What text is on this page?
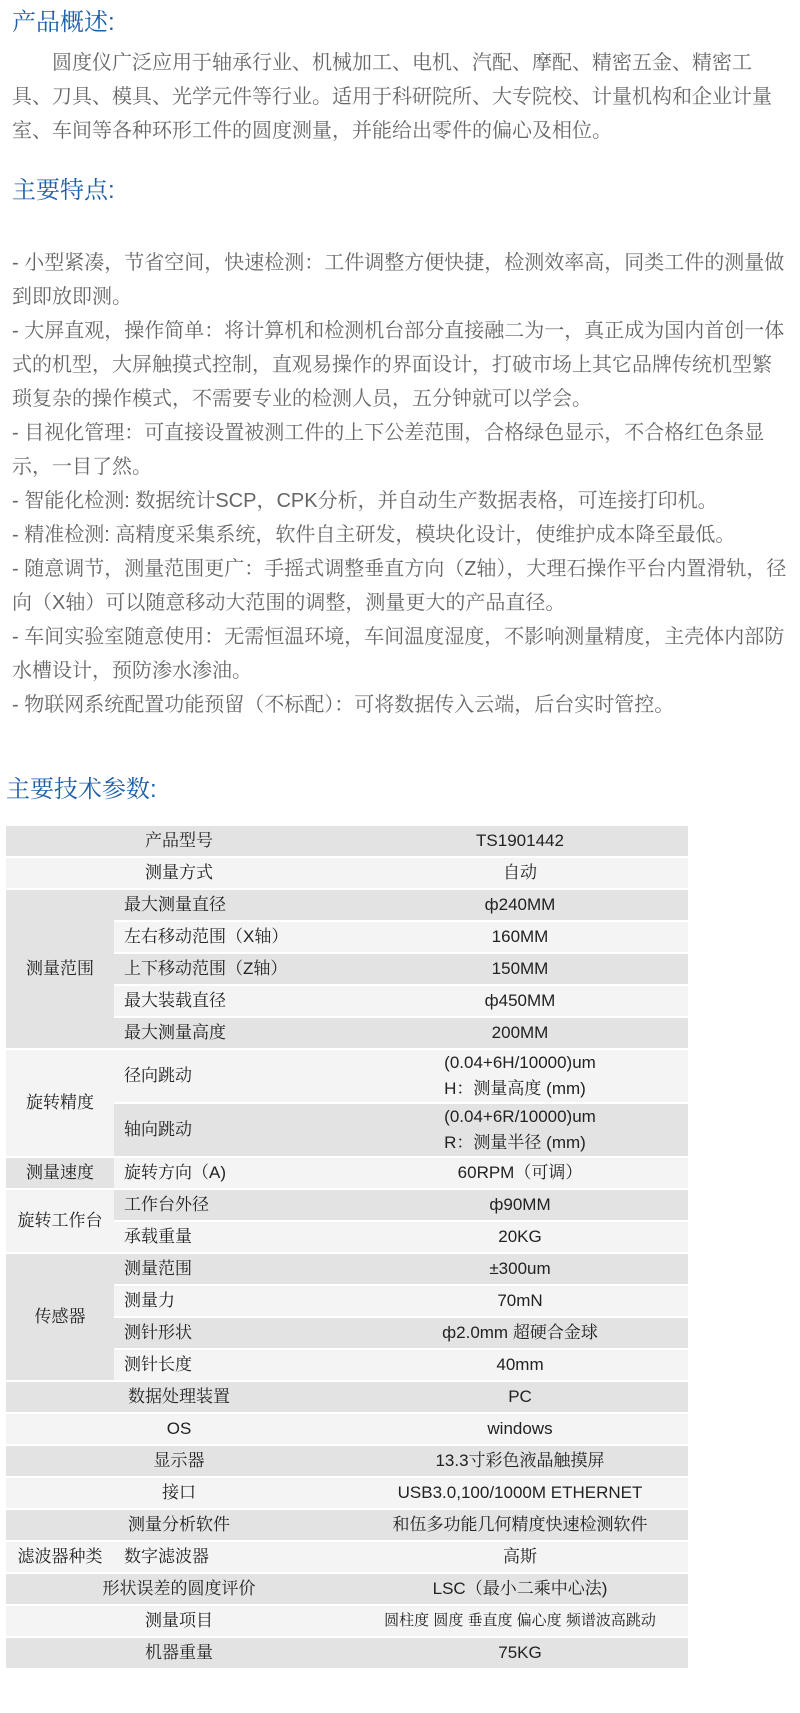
产品概述:

圆度仪广泛应用于轴承行业、机械加工、电机、汽配、摩配、精密五金、精密工具、刀具、模具、光学元件等行业。适用于科研院所、大专院校、计量机构和企业计量室、车间等各种环形工件的圆度测量，并能给出零件的偏心及相位。

主要特点:
- 小型紧凑，节省空间，快速检测：工件调整方便快捷，检测效率高，同类工件的测量做到即放即测。
- 大屏直观，操作简单：将计算机和检测机台部分直接融二为一，真正成为国内首创一体式的机型，大屏触摸式控制，直观易操作的界面设计，打破市场上其它品牌传统机型繁琐复杂的操作模式，不需要专业的检测人员，五分钟就可以学会。
- 目视化管理：可直接设置被测工件的上下公差范围，合格绿色显示，不合格红色条显示，一目了然。
- 智能化检测: 数据统计SCP，CPK分析，并自动生产数据表格，可连接打印机。
- 精准检测: 高精度采集系统，软件自主研发，模块化设计，使维护成本降至最低。
- 随意调节，测量范围更广：手摇式调整垂直方向（Z轴），大理石操作平台内置滑轨，径向（X轴）可以随意移动大范围的调整，测量更大的产品直径。
- 车间实验室随意使用：无需恒温环境，车间温度湿度，不影响测量精度，主壳体内部防水槽设计，预防渗水渗油。
- 物联网系统配置功能预留（不标配）：可将数据传入云端，后台实时管控。
主要技术参数:
产品型号		TS1901442
测量方式		自动
测量范围	最大测量直径	ф240MM
	左右移动范围（X轴）	160MM
	上下移动范围（Z轴）	150MM
	最大装载直径	ф450MM
	最大测量高度	200MM
旋转精度	径向跳动	(0.04+6H/10000)um
H：测量高度 (mm)
	轴向跳动	(0.04+6R/10000)um
R：测量半径 (mm)
测量速度	旋转方向（A)	60RPM（可调）
旋转工作台	工作台外径	ф90MM
	承载重量	20KG
传感器	测量范围	±300um
	测量力	70mN
	测针形状	ф2.0mm 超硬合金球
	测针长度	40mm
数据处理装置		PC
OS		windows
显示器		13.3寸彩色液晶触摸屏
接口		USB3.0,100/1000M ETHERNET
测量分析软件		和伍多功能几何精度快速检测软件
滤波器种类	数字滤波器	高斯
形状误差的圆度评价		LSC（最小二乘中心法)
测量项目		圆柱度 圆度 垂直度 偏心度 频谱波高跳动
机器重量		75KG
